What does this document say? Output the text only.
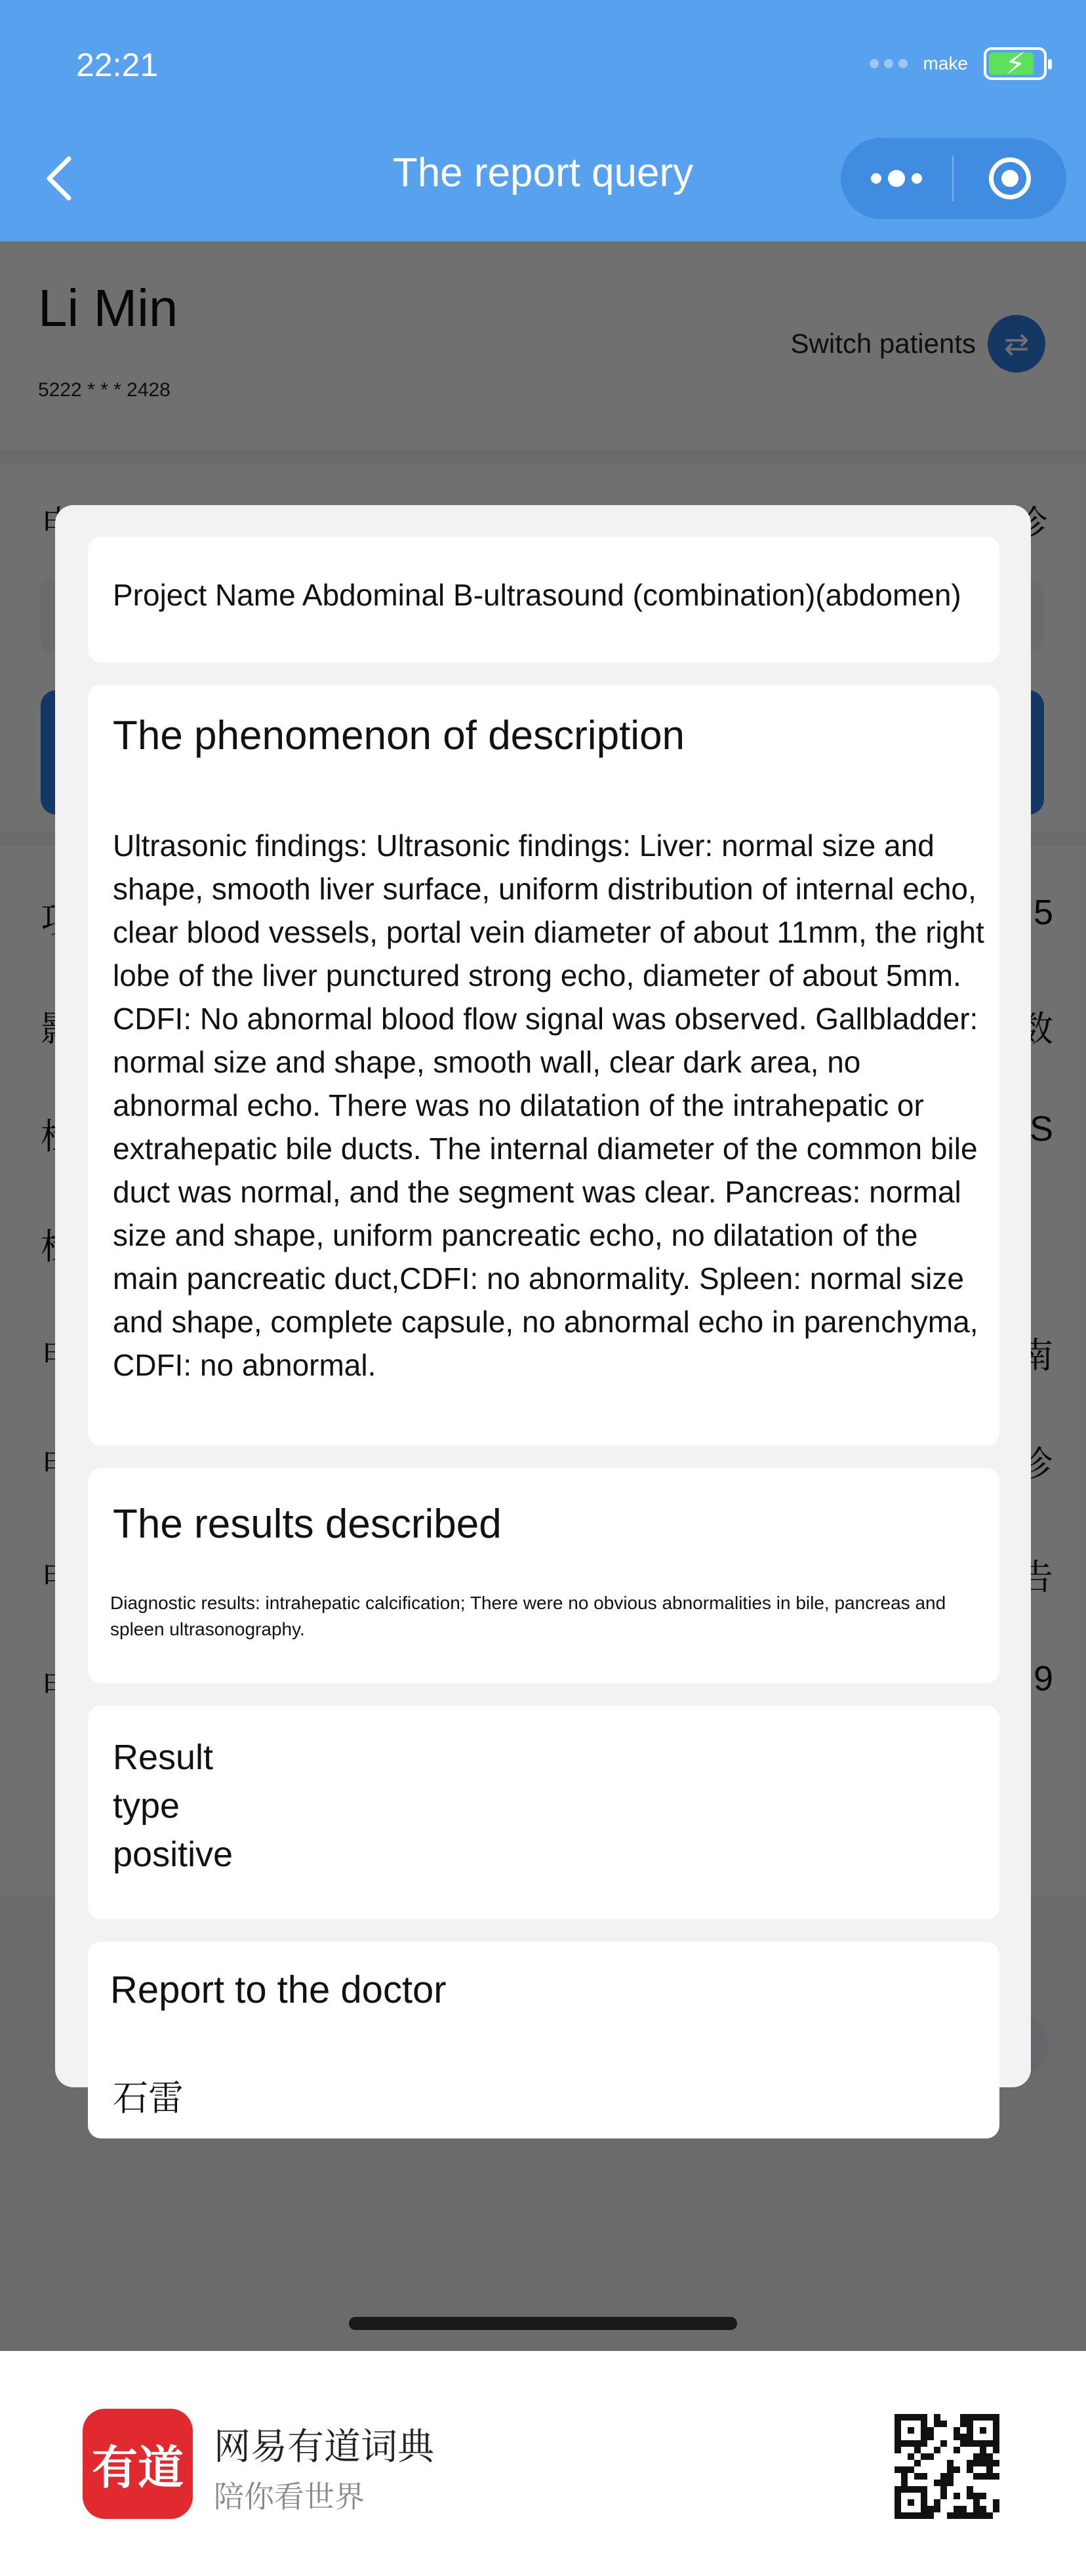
22:21	make ⚡
The report query
Project Name Abdominal B-ultrasound (combination)(abdomen)
The phenomenon of description
Ultrasonic findings: Ultrasonic findings: Liver: normal size and shape, smooth liver surface, uniform distribution of internal echo, clear blood vessels, portal vein diameter of about 11mm, the right lobe of the liver punctured strong echo, diameter of about 5mm. CDFI: No abnormal blood flow signal was observed. Gallbladder: normal size and shape, smooth wall, clear dark area, no abnormal echo. There was no dilatation of the intrahepatic or extrahepatic bile ducts. The internal diameter of the common bile duct was normal, and the segment was clear. Pancreas: normal size and shape, uniform pancreatic echo, no dilatation of the main pancreatic duct,CDFI: no abnormality. Spleen: normal size and shape, complete capsule, no abnormal echo in parenchyma, CDFI: no abnormal.
The results described
Diagnostic results: intrahepatic calcification; There were no obvious abnormalities in bile, pancreas and spleen ultrasonography.
Result
type
positive
Report to the doctor
石雷
有道 网易有道词典
陪你看世界
